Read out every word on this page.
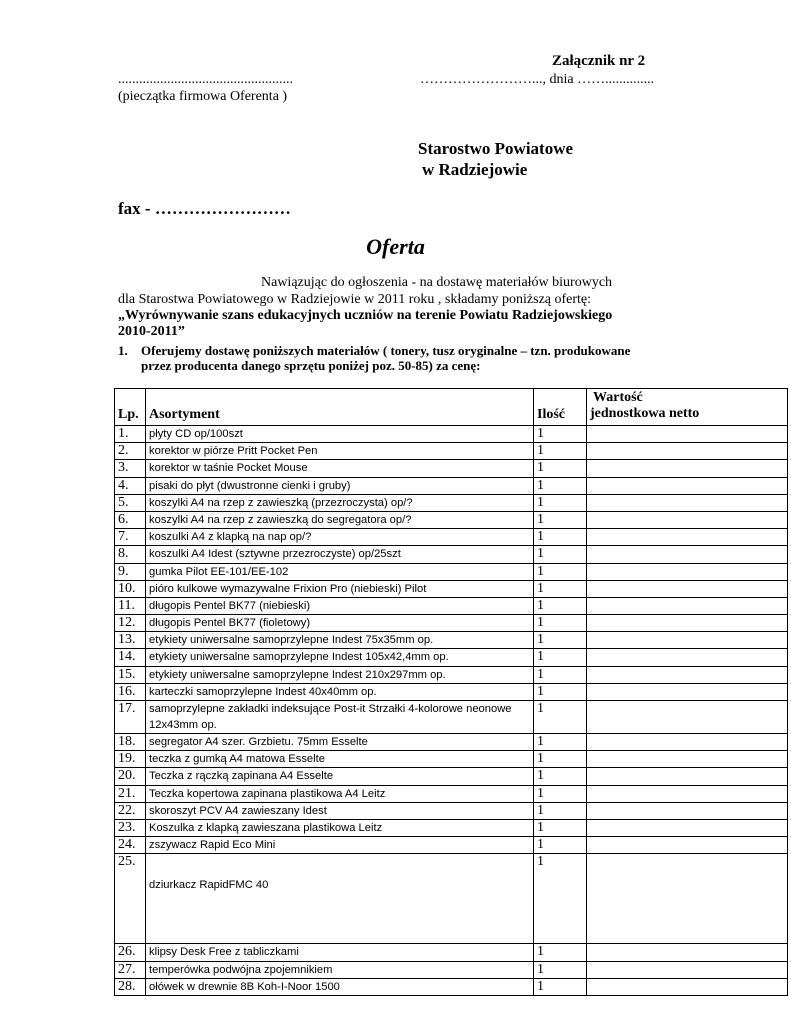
Załącznik nr 2
..................................................
(pieczątka firmowa Oferenta )
……………………..., dnia ……..............
Starostwo Powiatowe
w Radziejowie
fax - ……………………
Oferta
Nawiązując do ogłoszenia - na dostawę materiałów biurowych
dla Starostwa Powiatowego w Radziejowie w 2011 roku , składamy poniższą ofertę:
„Wyrównywanie szans edukacyjnych uczniów na terenie Powiatu Radziejowskiego
2010-2011”
1. Oferujemy dostawę poniższych materiałów ( tonery, tusz oryginalne – tzn. produkowane
przez producenta danego sprzętu poniżej poz. 50-85) za cenę:
Lp.	Asortyment	Ilość	Wartość
jednostkowa netto

1.	płyty CD op/100szt	1	
2.	korektor w piórze Pritt Pocket Pen	1	
3.	korektor w taśnie Pocket Mouse	1	
4.	pisaki do płyt (dwustronne cienki i gruby)	1	
5.	koszylki A4 na rzep z zawieszką (przezroczysta) op/?	1	
6.	koszylki A4 na rzep z zawieszką do segregatora op/?	1	
7.	koszulki A4 z klapką na nap op/?	1	
8.	koszulki A4 Idest (sztywne przezroczyste) op/25szt	1	
9.	gumka Pilot EE-101/EE-102	1	
10.	pióro kulkowe wymazywalne Frixion Pro (niebieski) Pilot	1	
11.	długopis Pentel BK77 (niebieski)	1	
12.	długopis Pentel BK77 (fioletowy)	1	
13.	etykiety uniwersalne samoprzylepne Indest 75x35mm op.	1	
14.	etykiety uniwersalne samoprzylepne Indest 105x42,4mm op.	1	
15.	etykiety uniwersalne samoprzylepne Indest 210x297mm op.	1	
16.	karteczki samoprzylepne Indest 40x40mm op.	1	
17.	samoprzylepne zakładki indeksujące Post-it Strzałki 4-kolorowe neonowe 12x43mm op.	1	
18.	segregator A4 szer. Grzbietu. 75mm Esselte	1	
19.	teczka z gumką A4 matowa Esselte	1	
20.	Teczka z rączką zapinana A4 Esselte	1	
21.	Teczka kopertowa zapinana plastikowa A4 Leitz	1	
22.	skoroszyt PCV A4 zawieszany Idest	1	
23.	Koszulka z klapką zawieszana plastikowa Leitz	1	
24.	zszywacz Rapid Eco Mini	1	
25.	dziurkacz RapidFMC 40	1	
26.	klipsy Desk Free z tabliczkami	1	
27.	temperówka podwójna zpojemnikiem	1	
28.	ołówek w drewnie 8B Koh-I-Noor 1500	1	
